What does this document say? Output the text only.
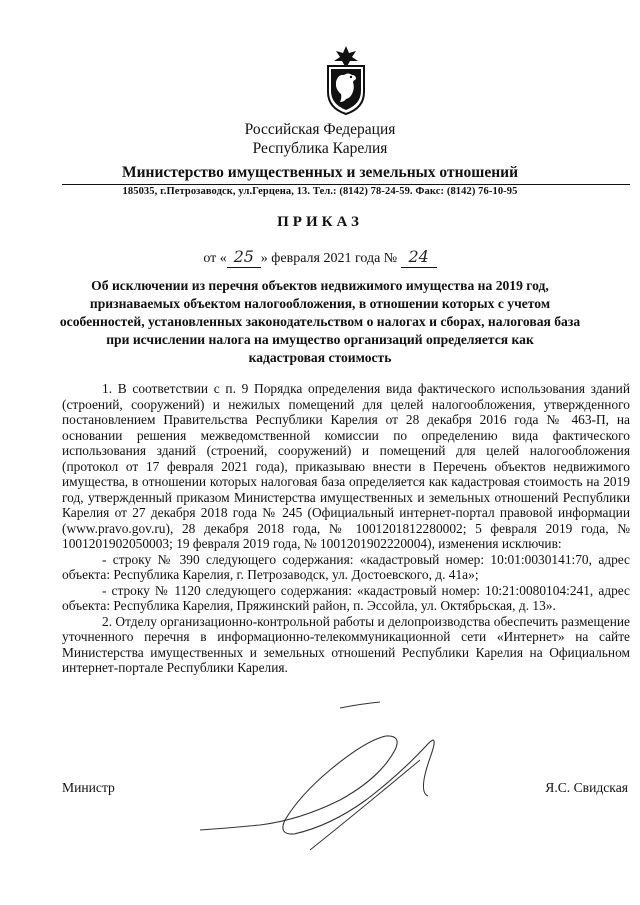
Российская Федерация
Республика Карелия
Министерство имущественных и земельных отношений
185035, г.Петрозаводск, ул.Герцена, 13. Тел.: (8142) 78-24-59. Факс: (8142) 76-10-95
ПРИКАЗ
от « 25 » февраля 2021 года № 24
Об исключении из перечня объектов недвижимого имущества на 2019 год,
признаваемых объектом налогообложения, в отношении которых с учетом
особенностей, установленных законодательством о налогах и сборах, налоговая база
при исчислении налога на имущество организаций определяется как
кадастровая стоимость

1. В соответствии с п. 9 Порядка определения вида фактического использования зданий (строений, сооружений) и нежилых помещений для целей налогообложения, утвержденного постановлением Правительства Республики Карелия от 28 декабря 2016 года № 463-П, на основании решения межведомственной комиссии по определению вида фактического использования зданий (строений, сооружений) и помещений для целей налогообложения (протокол от 17 февраля 2021 года), приказываю внести в Перечень объектов недвижимого имущества, в отношении которых налоговая база определяется как кадастровая стоимость на 2019 год, утвержденный приказом Министерства имущественных и земельных отношений Республики Карелия от 27 декабря 2018 года № 245 (Официальный интернет-портал правовой информации (www.pravo.gov.ru), 28 декабря 2018 года, № 1001201812280002; 5 февраля 2019 года, № 1001201902050003; 19 февраля 2019 года, № 1001201902220004), изменения исключив:

- строку № 390 следующего содержания: «кадастровый номер: 10:01:0030141:70, адрес объекта: Республика Карелия, г. Петрозаводск, ул. Достоевского, д. 41а»;

- строку № 1120 следующего содержания: «кадастровый номер: 10:21:0080104:241, адрес объекта: Республика Карелия, Пряжинский район, п. Эссойла, ул. Октябрьская, д. 13».

2. Отделу организационно-контрольной работы и делопроизводства обеспечить размещение уточненного перечня в информационно-телекоммуникационной сети «Интернет» на сайте Министерства имущественных и земельных отношений Республики Карелия на Официальном интернет-портале Республики Карелия.

Министр	Я.С. Свидская
